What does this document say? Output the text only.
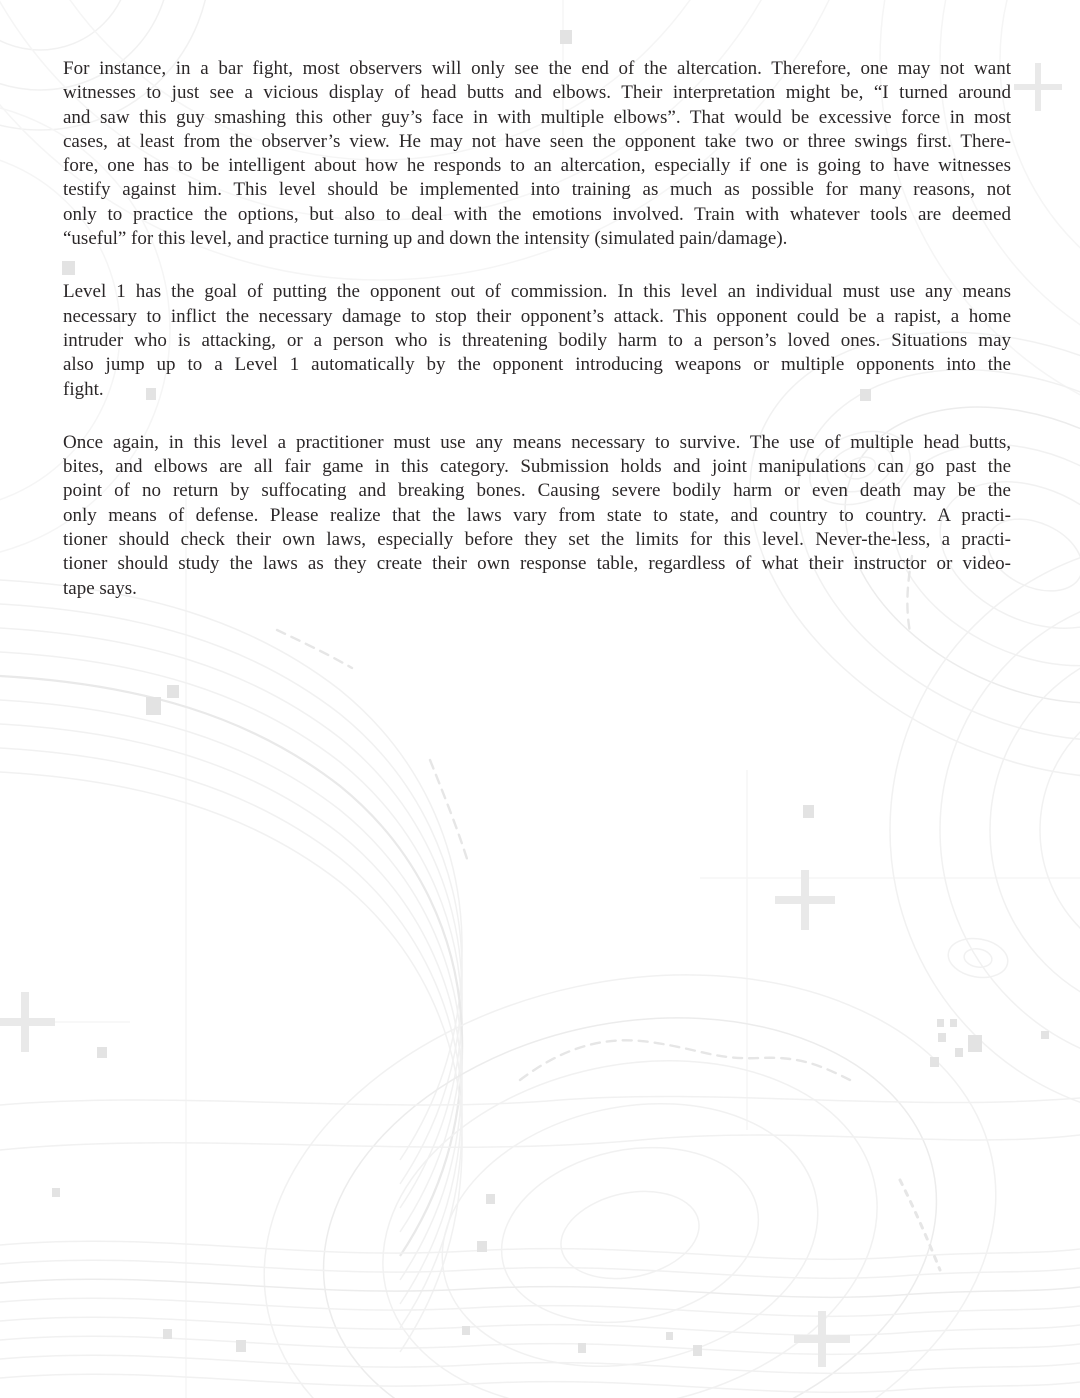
For instance, in a bar fight, most observers will only see the end of the altercation. Therefore, one may not want
witnesses to just see a vicious display of head butts and elbows. Their interpretation might be, “I turned around
and saw this guy smashing this other guy’s face in with multiple elbows”. That would be excessive force in most
cases, at least from the observer’s view. He may not have seen the opponent take two or three swings first. There-
fore, one has to be intelligent about how he responds to an altercation, especially if one is going to have witnesses
testify against him. This level should be implemented into training as much as possible for many reasons, not
only to practice the options, but also to deal with the emotions involved. Train with whatever tools are deemed
“useful” for this level, and practice turning up and down the intensity (simulated pain/damage).

Level 1 has the goal of putting the opponent out of commission. In this level an individual must use any means
necessary to inflict the necessary damage to stop their opponent’s attack. This opponent could be a rapist, a home
intruder who is attacking, or a person who is threatening bodily harm to a person’s loved ones. Situations may
also jump up to a Level 1 automatically by the opponent introducing weapons or multiple opponents into the
fight.

Once again, in this level a practitioner must use any means necessary to survive. The use of multiple head butts,
bites, and elbows are all fair game in this category. Submission holds and joint manipulations can go past the
point of no return by suffocating and breaking bones. Causing severe bodily harm or even death may be the
only means of defense. Please realize that the laws vary from state to state, and country to country. A practi-
tioner should check their own laws, especially before they set the limits for this level. Never-the-less, a practi-
tioner should study the laws as they create their own response table, regardless of what their instructor or video-
tape says.
